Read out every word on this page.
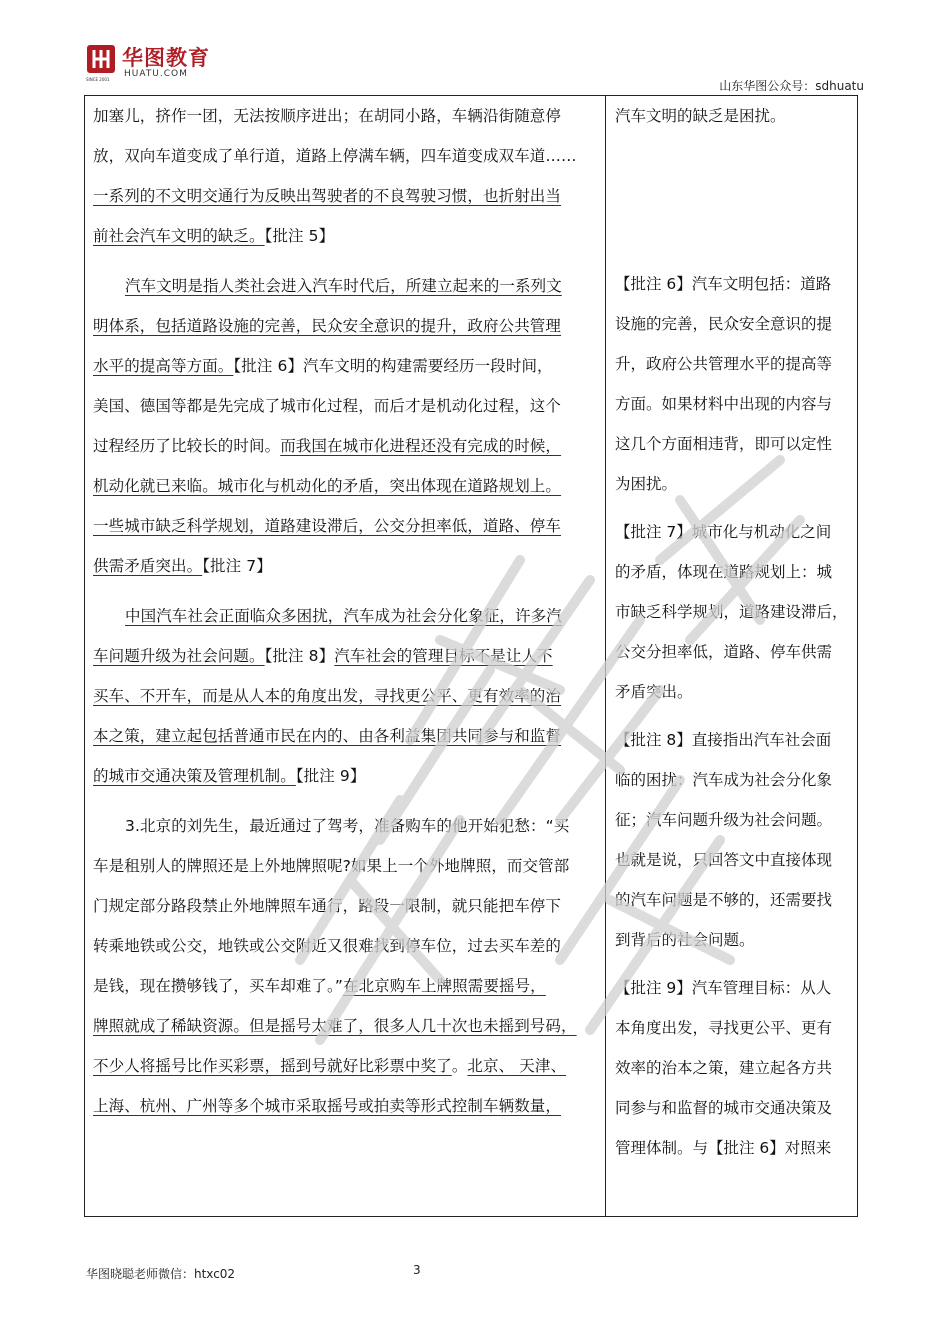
华图教育
HUATU.COM
SINCE 2001	山东华图公众号：sdhuatu
加塞儿，挤作一团，无法按顺序进出；在胡同小路，车辆沿街随意停
放，双向车道变成了单行道，道路上停满车辆，四车道变成双车道……
一系列的不文明交通行为反映出驾驶者的不良驾驶习惯，也折射出当
前社会汽车文明的缺乏。【批注 5】
汽车文明是指人类社会进入汽车时代后，所建立起来的一系列文
明体系，包括道路设施的完善，民众安全意识的提升，政府公共管理
水平的提高等方面。【批注 6】汽车文明的构建需要经历一段时间，
美国、德国等都是先完成了城市化过程，而后才是机动化过程，这个
过程经历了比较长的时间。而我国在城市化进程还没有完成的时候，
机动化就已来临。城市化与机动化的矛盾，突出体现在道路规划上。
一些城市缺乏科学规划，道路建设滞后，公交分担率低，道路、停车
供需矛盾突出。【批注 7】
中国汽车社会正面临众多困扰，汽车成为社会分化象征，许多汽
车问题升级为社会问题。【批注 8】汽车社会的管理目标不是让人不
买车、不开车，而是从人本的角度出发，寻找更公平、更有效率的治
本之策，建立起包括普通市民在内的、由各利益集团共同参与和监督
的城市交通决策及管理机制。【批注 9】
3.北京的刘先生，最近通过了驾考，准备购车的他开始犯愁：“买
车是租别人的牌照还是上外地牌照呢?如果上一个外地牌照，而交管部
门规定部分路段禁止外地牌照车通行，路段一限制，就只能把车停下
转乘地铁或公交，地铁或公交附近又很难找到停车位，过去买车差的
是钱，现在攒够钱了，买车却难了。”在北京购车上牌照需要摇号，
牌照就成了稀缺资源。但是摇号太难了，很多人几十次也未摇到号码，
不少人将摇号比作买彩票，摇到号就好比彩票中奖了。北京、 天津、
上海、杭州、广州等多个城市采取摇号或拍卖等形式控制车辆数量，
汽车文明的缺乏是困扰。
【批注 6】汽车文明包括：道路
设施的完善，民众安全意识的提
升，政府公共管理水平的提高等
方面。如果材料中出现的内容与
这几个方面相违背，即可以定性
为困扰。
【批注 7】城市化与机动化之间
的矛盾，体现在道路规划上：城
市缺乏科学规划，道路建设滞后，
公交分担率低，道路、停车供需
矛盾突出。
【批注 8】直接指出汽车社会面
临的困扰：汽车成为社会分化象
征；汽车问题升级为社会问题。
也就是说，只回答文中直接体现
的汽车问题是不够的，还需要找
到背后的社会问题。
【批注 9】汽车管理目标：从人
本角度出发，寻找更公平、更有
效率的治本之策，建立起各方共
同参与和监督的城市交通决策及
管理体制。与【批注 6】对照来
华图晓聪老师微信：htxc02	3
